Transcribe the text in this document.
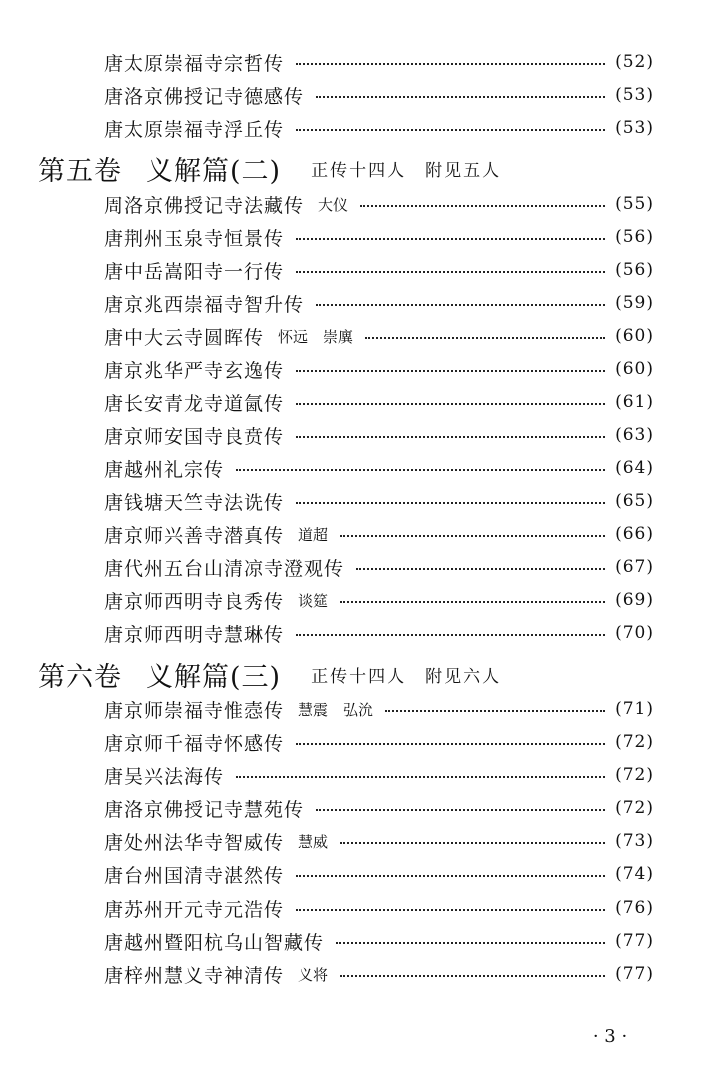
唐太原崇福寺宗哲传	(52)
唐洛京佛授记寺德感传	(53)
唐太原崇福寺浮丘传	(53)
第五卷 义解篇(二) 正传十四人　附见五人
周洛京佛授记寺法藏传 大仪	(55)
唐荆州玉泉寺恒景传	(56)
唐中岳嵩阳寺一行传	(56)
唐京兆西崇福寺智升传	(59)
唐中大云寺圆晖传 怀远　崇廙	(60)
唐京兆华严寺玄逸传	(60)
唐长安青龙寺道氤传	(61)
唐京师安国寺良贲传	(63)
唐越州礼宗传	(64)
唐钱塘天竺寺法诜传	(65)
唐京师兴善寺潜真传 道超	(66)
唐代州五台山清凉寺澄观传	(67)
唐京师西明寺良秀传 谈筵	(69)
唐京师西明寺慧琳传	(70)
第六卷 义解篇(三) 正传十四人　附见六人
唐京师崇福寺惟悫传 慧震　弘沇	(71)
唐京师千福寺怀感传	(72)
唐吴兴法海传	(72)
唐洛京佛授记寺慧苑传	(72)
唐处州法华寺智威传 慧威	(73)
唐台州国清寺湛然传	(74)
唐苏州开元寺元浩传	(76)
唐越州暨阳杭乌山智藏传	(77)
唐梓州慧义寺神清传 义将	(77)
· 3 ·
